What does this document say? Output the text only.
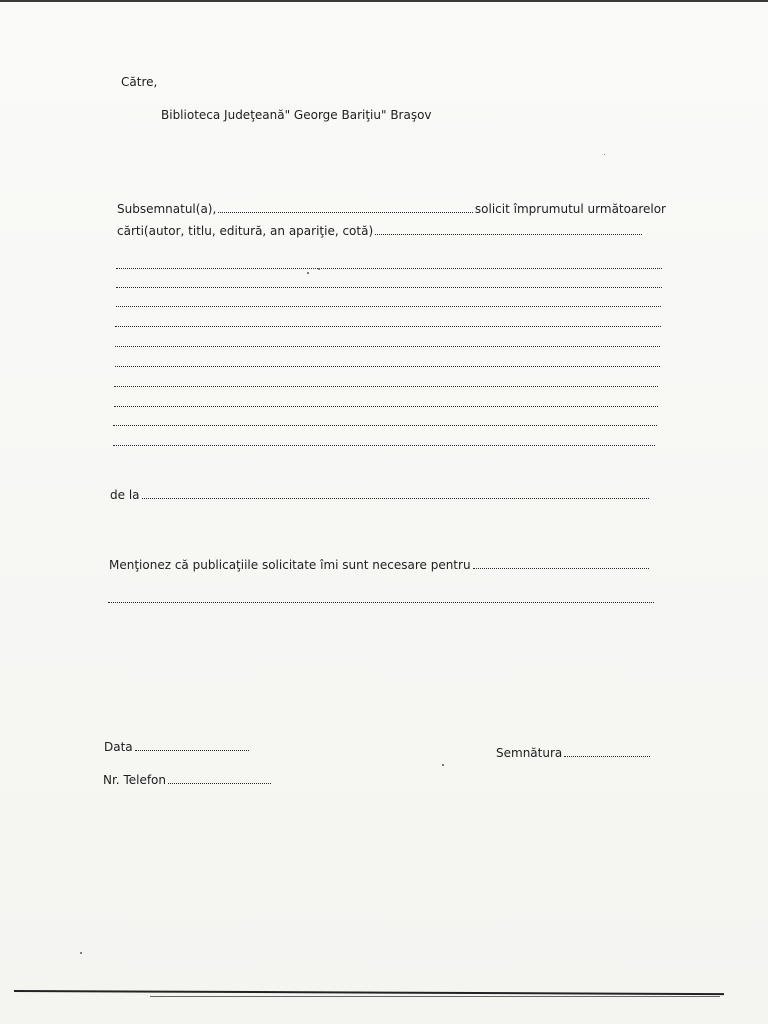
Către,
Biblioteca Judeţeană" George Bariţiu" Braşov
Subsemnatul(a),	solicit împrumutul următoarelor
cărti(autor, titlu, editură, an apariţie, cotă)
de la
Menţionez că publicaţiile solicitate îmi sunt necesare pentru
Data	Semnătura
Nr. Telefon
